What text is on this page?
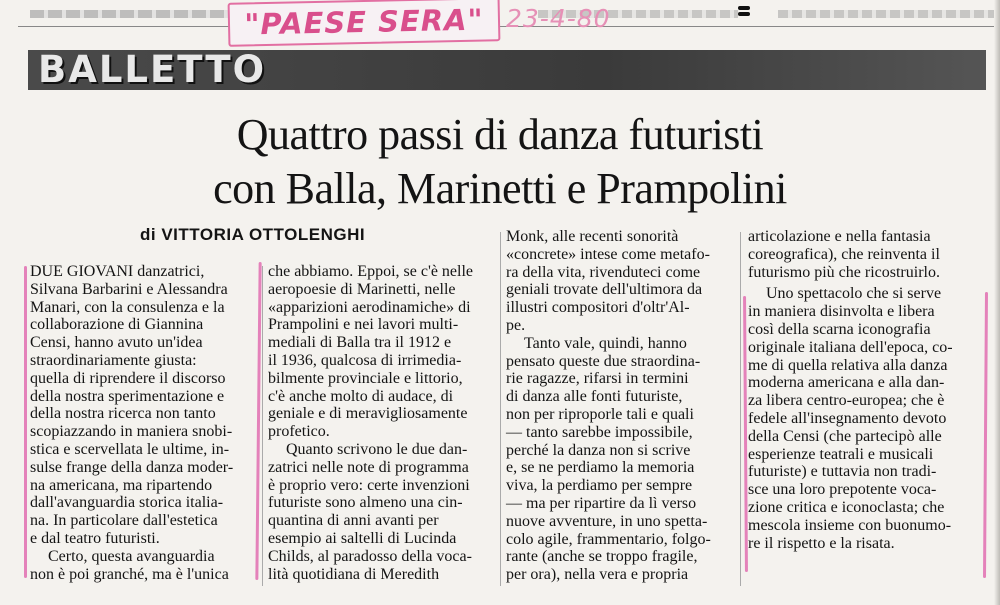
"PAESE SERA" 23-4-80
BALLETTO
Quattro passi di danza futuristi
con Balla, Marinetti e Prampolini
di VITTORIA OTTOLENGHI
DUE GIOVANI danzatrici,
Silvana Barbarini e Alessandra
Manari, con la consulenza e la
collaborazione di Giannina
Censi, hanno avuto un'idea
straordinariamente giusta:
quella di riprendere il discorso
della nostra sperimentazione e
della nostra ricerca non tanto
scopiazzando in maniera snobi-
stica e scervellata le ultime, in-
sulse frange della danza moder-
na americana, ma ripartendo
dall'avanguardia storica italia-
na. In particolare dall'estetica
e dal teatro futuristi.
Certo, questa avanguardia
non è poi granché, ma è l'unica
che abbiamo. Eppoi, se c'è nelle
aeropoesie di Marinetti, nelle
«apparizioni aerodinamiche» di
Prampolini e nei lavori multi-
mediali di Balla tra il 1912 e
il 1936, qualcosa di irrimedia-
bilmente provinciale e littorio,
c'è anche molto di audace, di
geniale e di meravigliosamente
profetico.
Quanto scrivono le due dan-
zatrici nelle note di programma
è proprio vero: certe invenzioni
futuriste sono almeno una cin-
quantina di anni avanti per
esempio ai saltelli di Lucinda
Childs, al paradosso della voca-
lità quotidiana di Meredith
Monk, alle recenti sonorità
«concrete» intese come metafo-
ra della vita, rivenduteci come
geniali trovate dell'ultimora da
illustri compositori d'oltr'Al-
pe.
Tanto vale, quindi, hanno
pensato queste due straordina-
rie ragazze, rifarsi in termini
di danza alle fonti futuriste,
non per riproporle tali e quali
— tanto sarebbe impossibile,
perché la danza non si scrive
e, se ne perdiamo la memoria
viva, la perdiamo per sempre
— ma per ripartire da lì verso
nuove avventure, in uno spetta-
colo agile, frammentario, folgo-
rante (anche se troppo fragile,
per ora), nella vera e propria
articolazione e nella fantasia
coreografica), che reinventa il
futurismo più che ricostruirlo.
Uno spettacolo che si serve
in maniera disinvolta e libera
così della scarna iconografia
originale italiana dell'epoca, co-
me di quella relativa alla danza
moderna americana e alla dan-
za libera centro-europea; che è
fedele all'insegnamento devoto
della Censi (che partecipò alle
esperienze teatrali e musicali
futuriste) e tuttavia non tradi-
sce una loro prepotente voca-
zione critica e iconoclasta; che
mescola insieme con buonumo-
re il rispetto e la risata.
